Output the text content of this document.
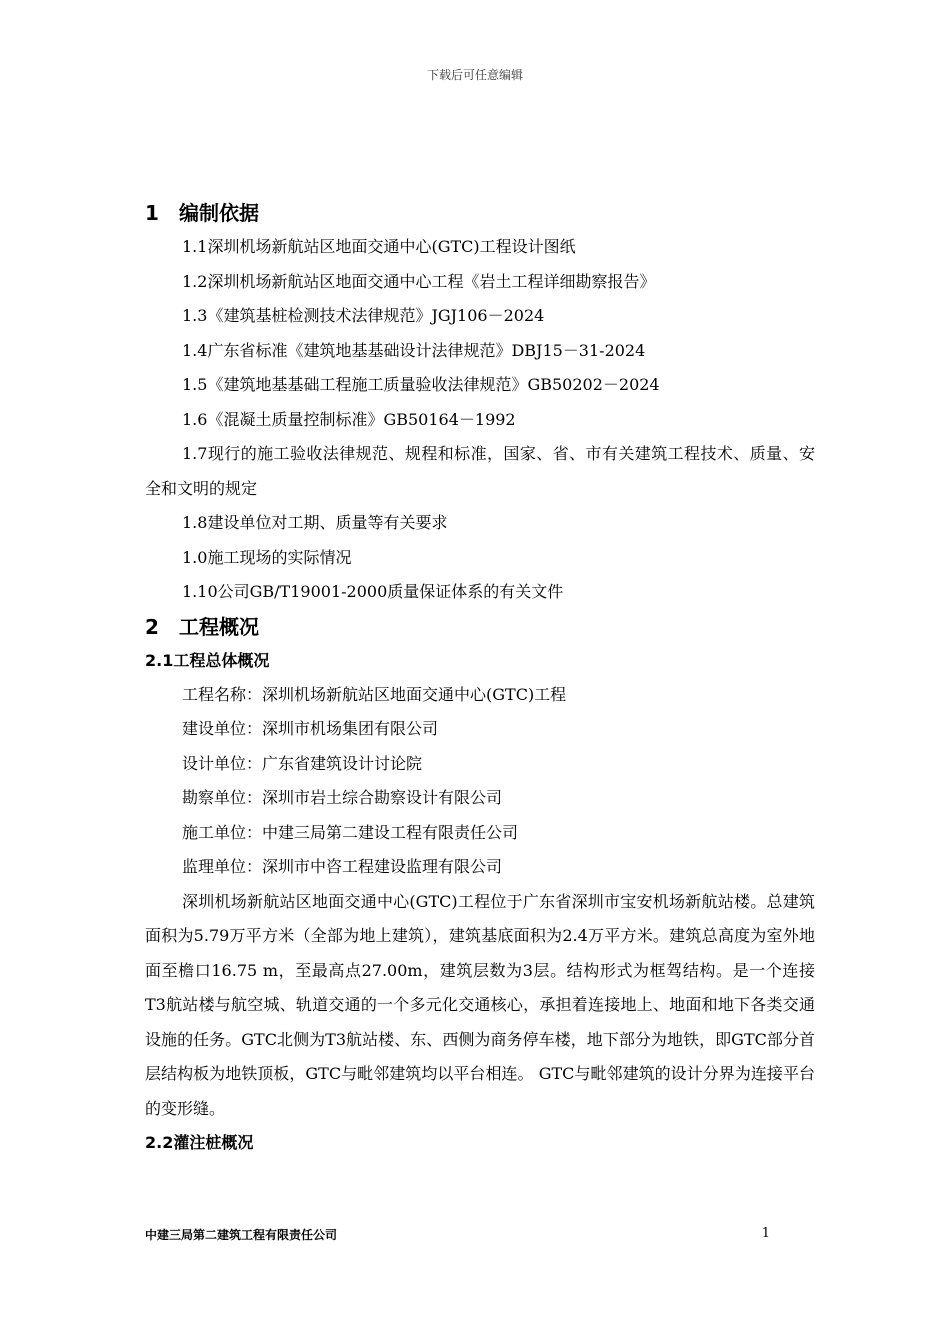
下载后可任意编辑
1 编制依据
1.1深圳机场新航站区地面交通中心(GTC)工程设计图纸
1.2深圳机场新航站区地面交通中心工程《岩土工程详细勘察报告》
1.3《建筑基桩检测技术法律规范》JGJ106－2024
1.4广东省标准《建筑地基基础设计法律规范》DBJ15－31-2024
1.5《建筑地基基础工程施工质量验收法律规范》GB50202－2024
1.6《混凝土质量控制标准》GB50164－1992
1.7现行的施工验收法律规范、规程和标准，国家、省、市有关建筑工程技术、质量、安全和文明的规定
1.8建设单位对工期、质量等有关要求
1.0施工现场的实际情况
1.10公司GB/T19001-2000质量保证体系的有关文件
2 工程概况
2.1工程总体概况
工程名称：深圳机场新航站区地面交通中心(GTC)工程
建设单位：深圳市机场集团有限公司
设计单位：广东省建筑设计讨论院
勘察单位：深圳市岩土综合勘察设计有限公司
施工单位：中建三局第二建设工程有限责任公司
监理单位：深圳市中咨工程建设监理有限公司
深圳机场新航站区地面交通中心(GTC)工程位于广东省深圳市宝安机场新航站楼。总建筑面积为5.79万平方米（全部为地上建筑），建筑基底面积为2.4万平方米。建筑总高度为室外地面至檐口16.75 m，至最高点27.00m，建筑层数为3层。结构形式为框驾结构。是一个连接T3航站楼与航空城、轨道交通的一个多元化交通核心，承担着连接地上、地面和地下各类交通设施的任务。GTC北侧为T3航站楼、东、西侧为商务停车楼，地下部分为地铁，即GTC部分首层结构板为地铁顶板，GTC与毗邻建筑均以平台相连。 GTC与毗邻建筑的设计分界为连接平台的变形缝。
2.2灌注桩概况
中建三局第二建筑工程有限责任公司	1
